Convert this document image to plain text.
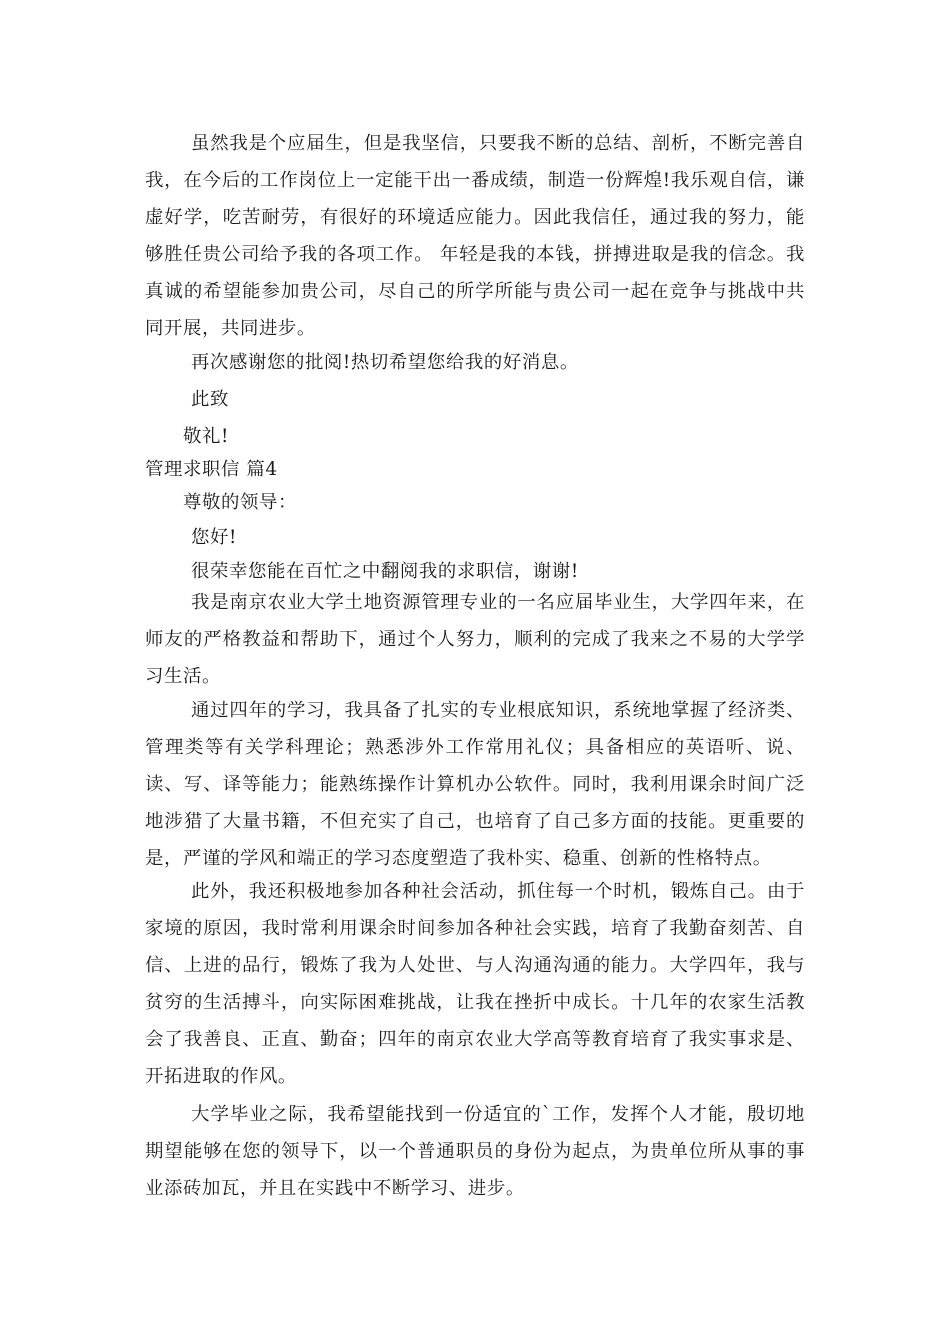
虽然我是个应届生，但是我坚信，只要我不断的总结、剖析，不断完善自我，在今后的工作岗位上一定能干出一番成绩，制造一份辉煌!我乐观自信，谦虚好学，吃苦耐劳，有很好的环境适应能力。因此我信任，通过我的努力，能够胜任贵公司给予我的各项工作。 年轻是我的本钱，拼搏进取是我的信念。我真诚的希望能参加贵公司，尽自己的所学所能与贵公司一起在竞争与挑战中共同开展，共同进步。

再次感谢您的批阅!热切希望您给我的好消息。

此致

敬礼!

管理求职信 篇4

尊敬的领导：

您好!

很荣幸您能在百忙之中翻阅我的求职信，谢谢!

我是南京农业大学土地资源管理专业的一名应届毕业生，大学四年来，在师友的严格教益和帮助下，通过个人努力，顺利的完成了我来之不易的大学学习生活。

通过四年的学习，我具备了扎实的专业根底知识，系统地掌握了经济类、管理类等有关学科理论；熟悉涉外工作常用礼仪；具备相应的英语听、说、读、写、译等能力；能熟练操作计算机办公软件。同时，我利用课余时间广泛地涉猎了大量书籍，不但充实了自己，也培育了自己多方面的技能。更重要的是，严谨的学风和端正的学习态度塑造了我朴实、稳重、创新的性格特点。

此外，我还积极地参加各种社会活动，抓住每一个时机，锻炼自己。由于家境的原因，我时常利用课余时间参加各种社会实践，培育了我勤奋刻苦、自信、上进的品行，锻炼了我为人处世、与人沟通沟通的能力。大学四年，我与贫穷的生活搏斗，向实际困难挑战，让我在挫折中成长。十几年的农家生活教会了我善良、正直、勤奋；四年的南京农业大学高等教育培育了我实事求是、开拓进取的作风。

大学毕业之际，我希望能找到一份适宜的`工作，发挥个人才能，殷切地期望能够在您的领导下，以一个普通职员的身份为起点，为贵单位所从事的事业添砖加瓦，并且在实践中不断学习、进步。
